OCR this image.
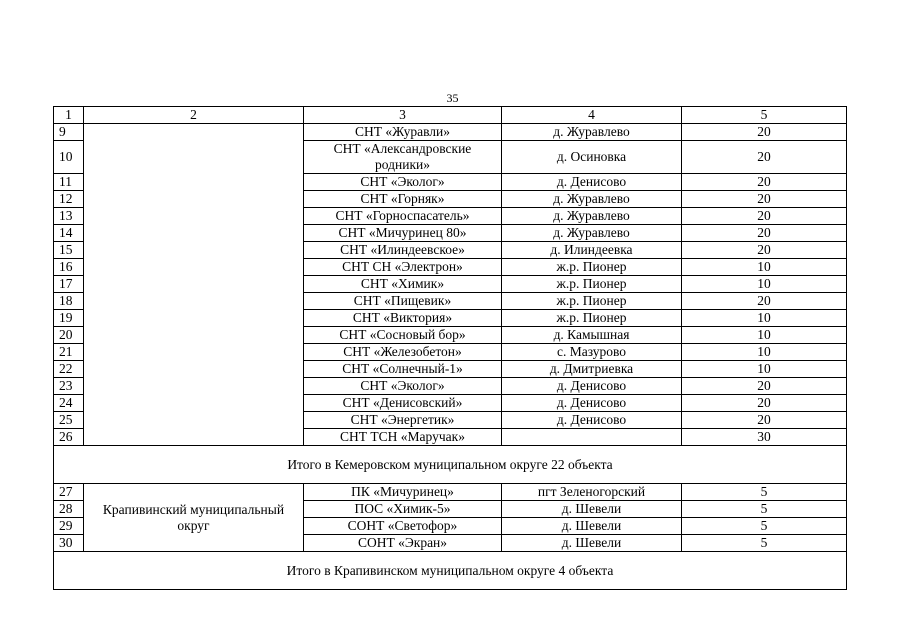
35
1	2	3	4	5
9		СНТ «Журавли»	д. Журавлево	20
10		СНТ «Александровские родники»	д. Осиновка	20
11		СНТ «Эколог»	д. Денисово	20
12		СНТ «Горняк»	д. Журавлево	20
13		СНТ «Горноспасатель»	д. Журавлево	20
14		СНТ «Мичуринец 80»	д. Журавлево	20
15		СНТ «Илиндеевское»	д. Илиндеевка	20
16		СНТ СН «Электрон»	ж.р. Пионер	10
17		СНТ «Химик»	ж.р. Пионер	10
18		СНТ «Пищевик»	ж.р. Пионер	20
19		СНТ «Виктория»	ж.р. Пионер	10
20		СНТ «Сосновый бор»	д. Камышная	10
21		СНТ «Железобетон»	с. Мазурово	10
22		СНТ «Солнечный-1»	д. Дмитриевка	10
23		СНТ «Эколог»	д. Денисово	20
24		СНТ «Денисовский»	д. Денисово	20
25		СНТ «Энергетик»	д. Денисово	20
26		СНТ ТСН «Маручак»		30
Итого в Кемеровском муниципальном округе 22 объекта				
27	Крапивинский муниципальный округ	ПК «Мичуринец»	пгт Зеленогорский	5
28		ПОС «Химик-5»	д. Шевели	5
29		СОНТ «Светофор»	д. Шевели	5
30		СОНТ «Экран»	д. Шевели	5
Итого в Крапивинском муниципальном округе 4 объекта				
